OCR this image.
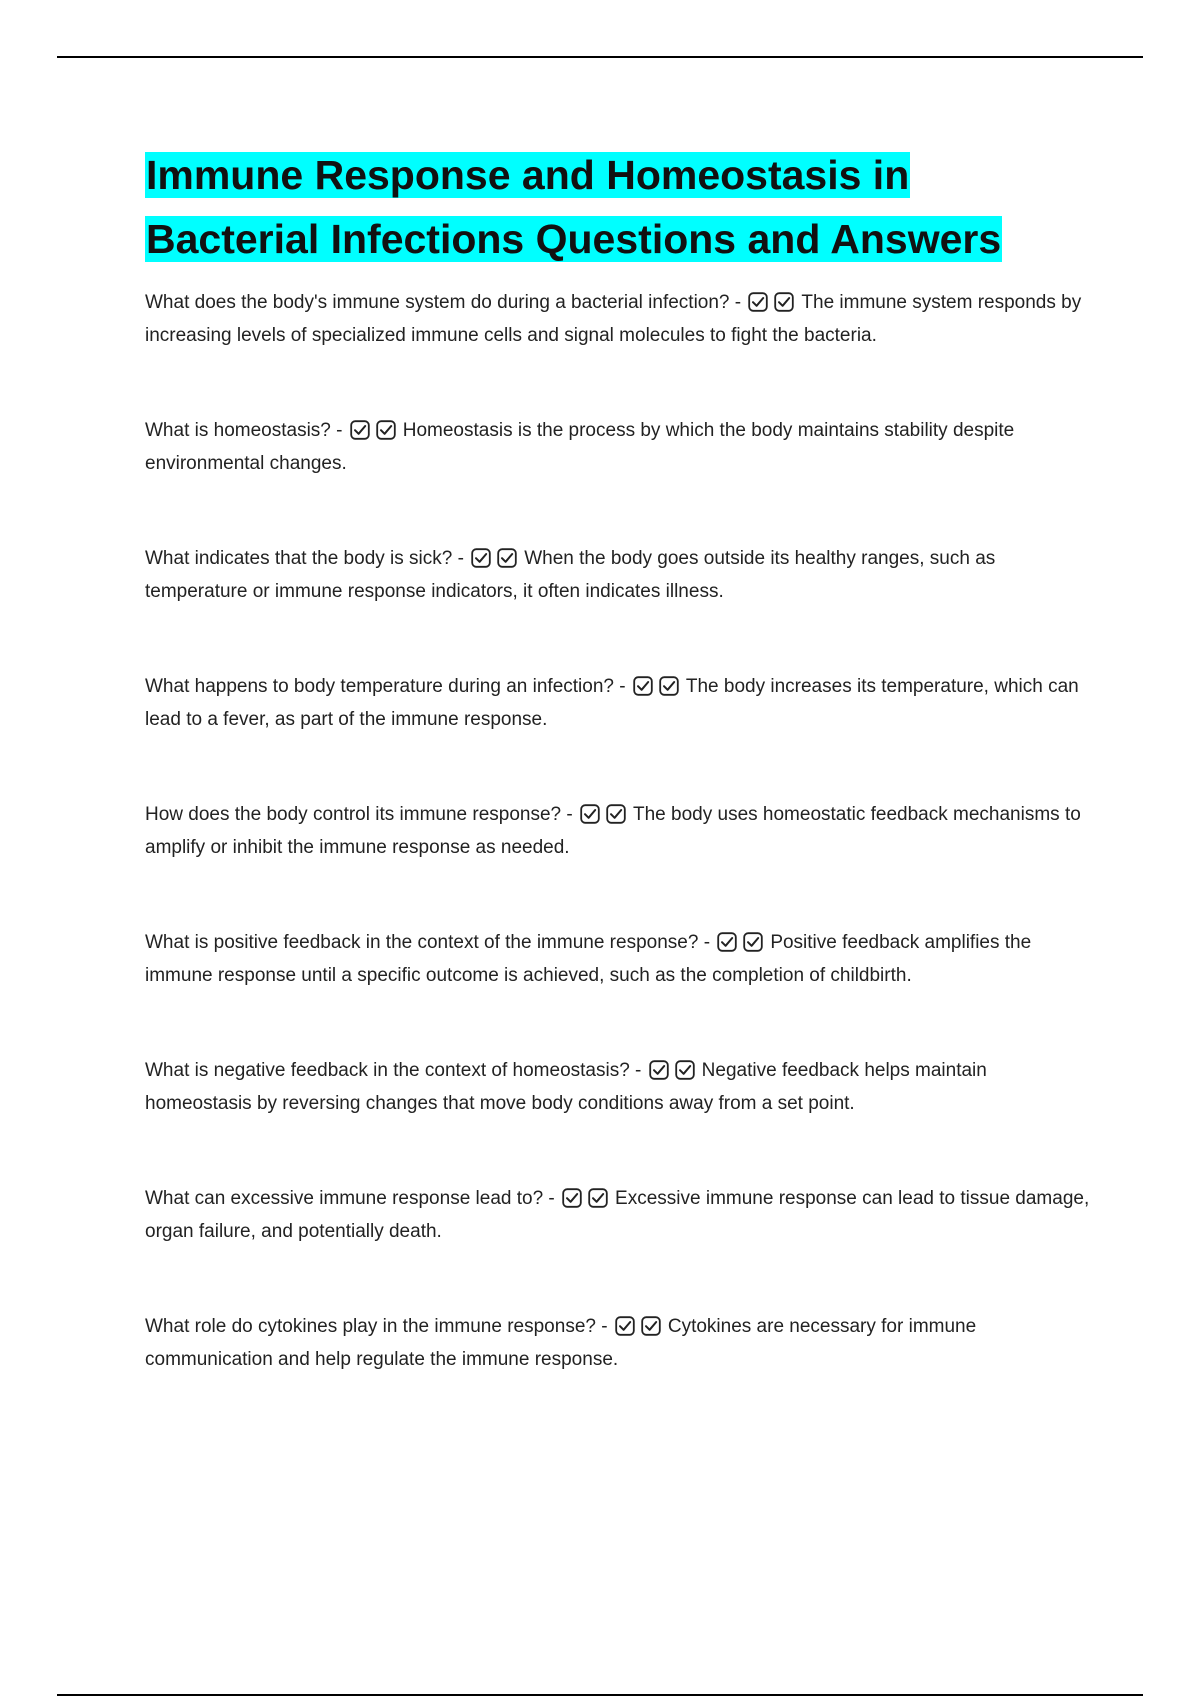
Immune Response and Homeostasis in Bacterial Infections Questions and Answers

What does the body's immune system do during a bacterial infection? -	The immune system responds by increasing levels of specialized immune cells and signal molecules to fight the bacteria.

What is homeostasis? -	Homeostasis is the process by which the body maintains stability despite environmental changes.

What indicates that the body is sick? -	When the body goes outside its healthy ranges, such as temperature or immune response indicators, it often indicates illness.

What happens to body temperature during an infection? -	The body increases its temperature, which can lead to a fever, as part of the immune response.

How does the body control its immune response? -	The body uses homeostatic feedback mechanisms to amplify or inhibit the immune response as needed.

What is positive feedback in the context of the immune response? -	Positive feedback amplifies the immune response until a specific outcome is achieved, such as the completion of childbirth.

What is negative feedback in the context of homeostasis? -	Negative feedback helps maintain homeostasis by reversing changes that move body conditions away from a set point.

What can excessive immune response lead to? -	Excessive immune response can lead to tissue damage, organ failure, and potentially death.

What role do cytokines play in the immune response? -	Cytokines are necessary for immune communication and help regulate the immune response.
